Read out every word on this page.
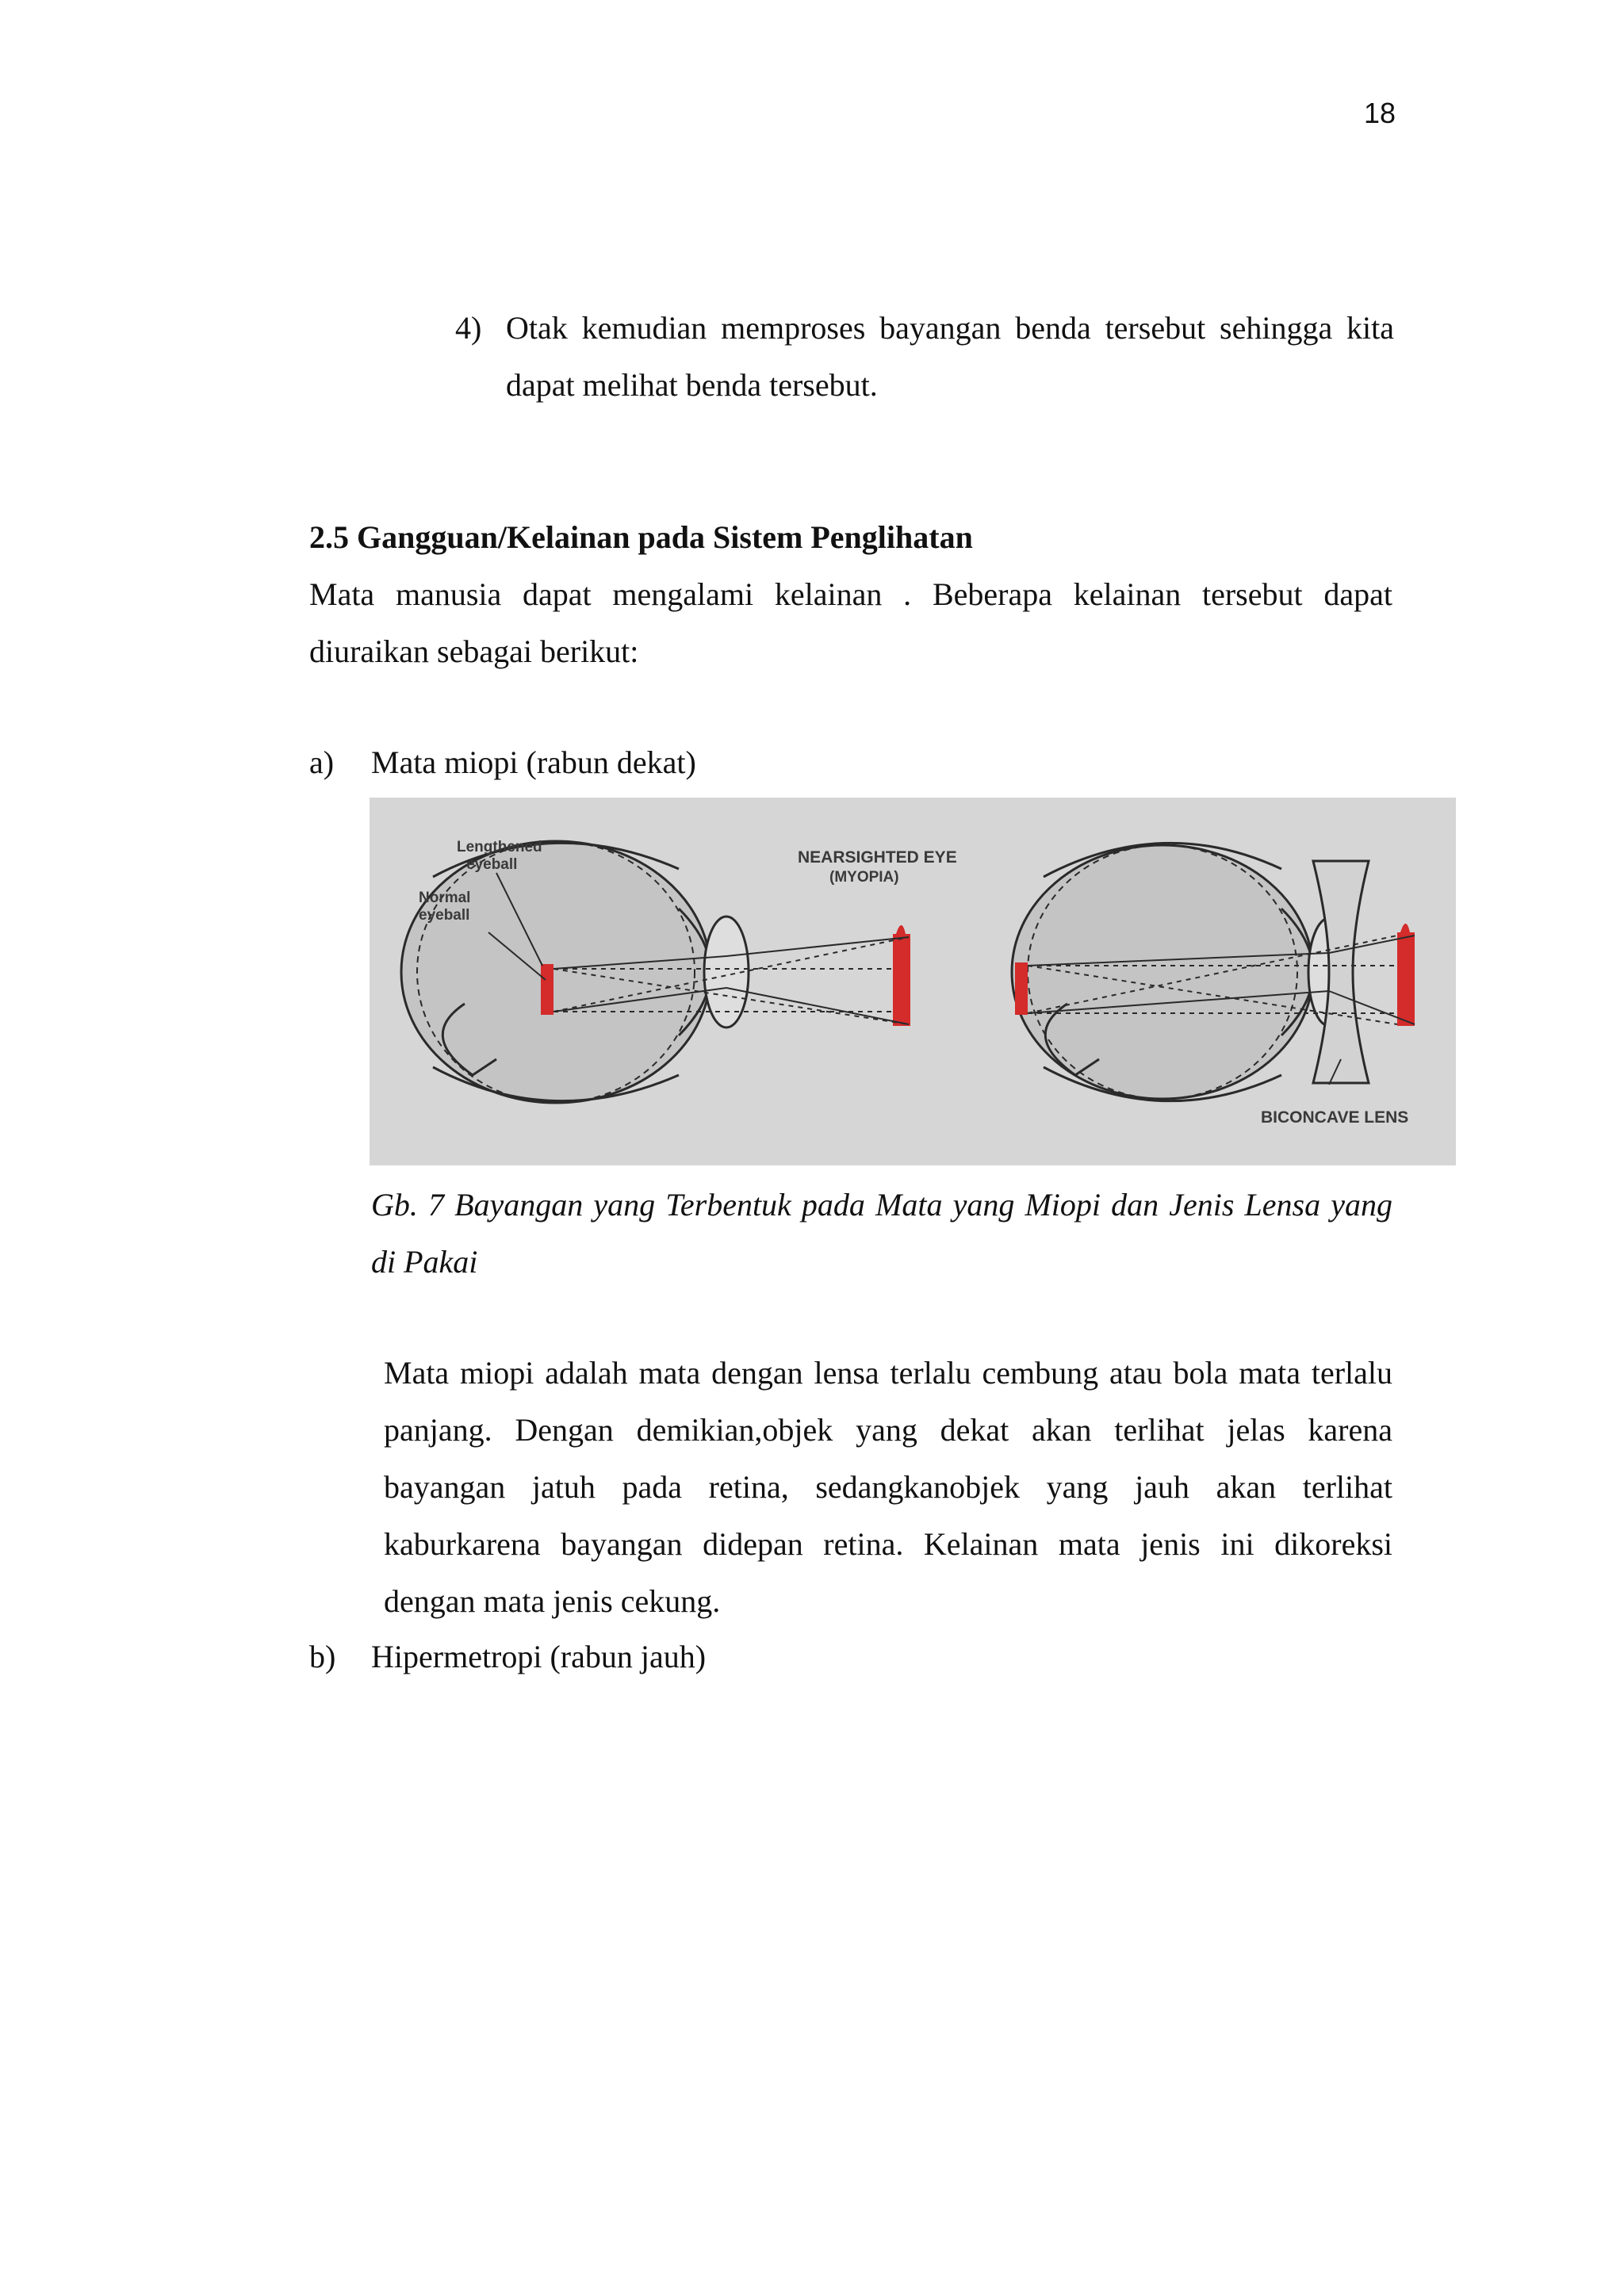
18
4) Otak kemudian memproses bayangan benda tersebut sehingga kita dapat melihat benda tersebut.
2.5 Gangguan/Kelainan pada Sistem Penglihatan
Mata manusia dapat mengalami kelainan . Beberapa kelainan tersebut dapat diuraikan sebagai berikut:
a) Mata miopi (rabun dekat)
Lengthened
eyeball
Normal
eyeball
NEARSIGHTED EYE
(MYOPIA)
BICONCAVE LENS
Gb. 7 Bayangan yang Terbentuk pada Mata yang Miopi dan Jenis Lensa yang di Pakai
Mata miopi adalah mata dengan lensa terlalu cembung atau bola mata terlalu panjang. Dengan demikian,objek yang dekat akan terlihat jelas karena bayangan jatuh pada retina, sedangkanobjek yang jauh akan terlihat kaburkarena bayangan didepan retina. Kelainan mata jenis ini dikoreksi dengan mata jenis cekung.
b) Hipermetropi (rabun jauh)
